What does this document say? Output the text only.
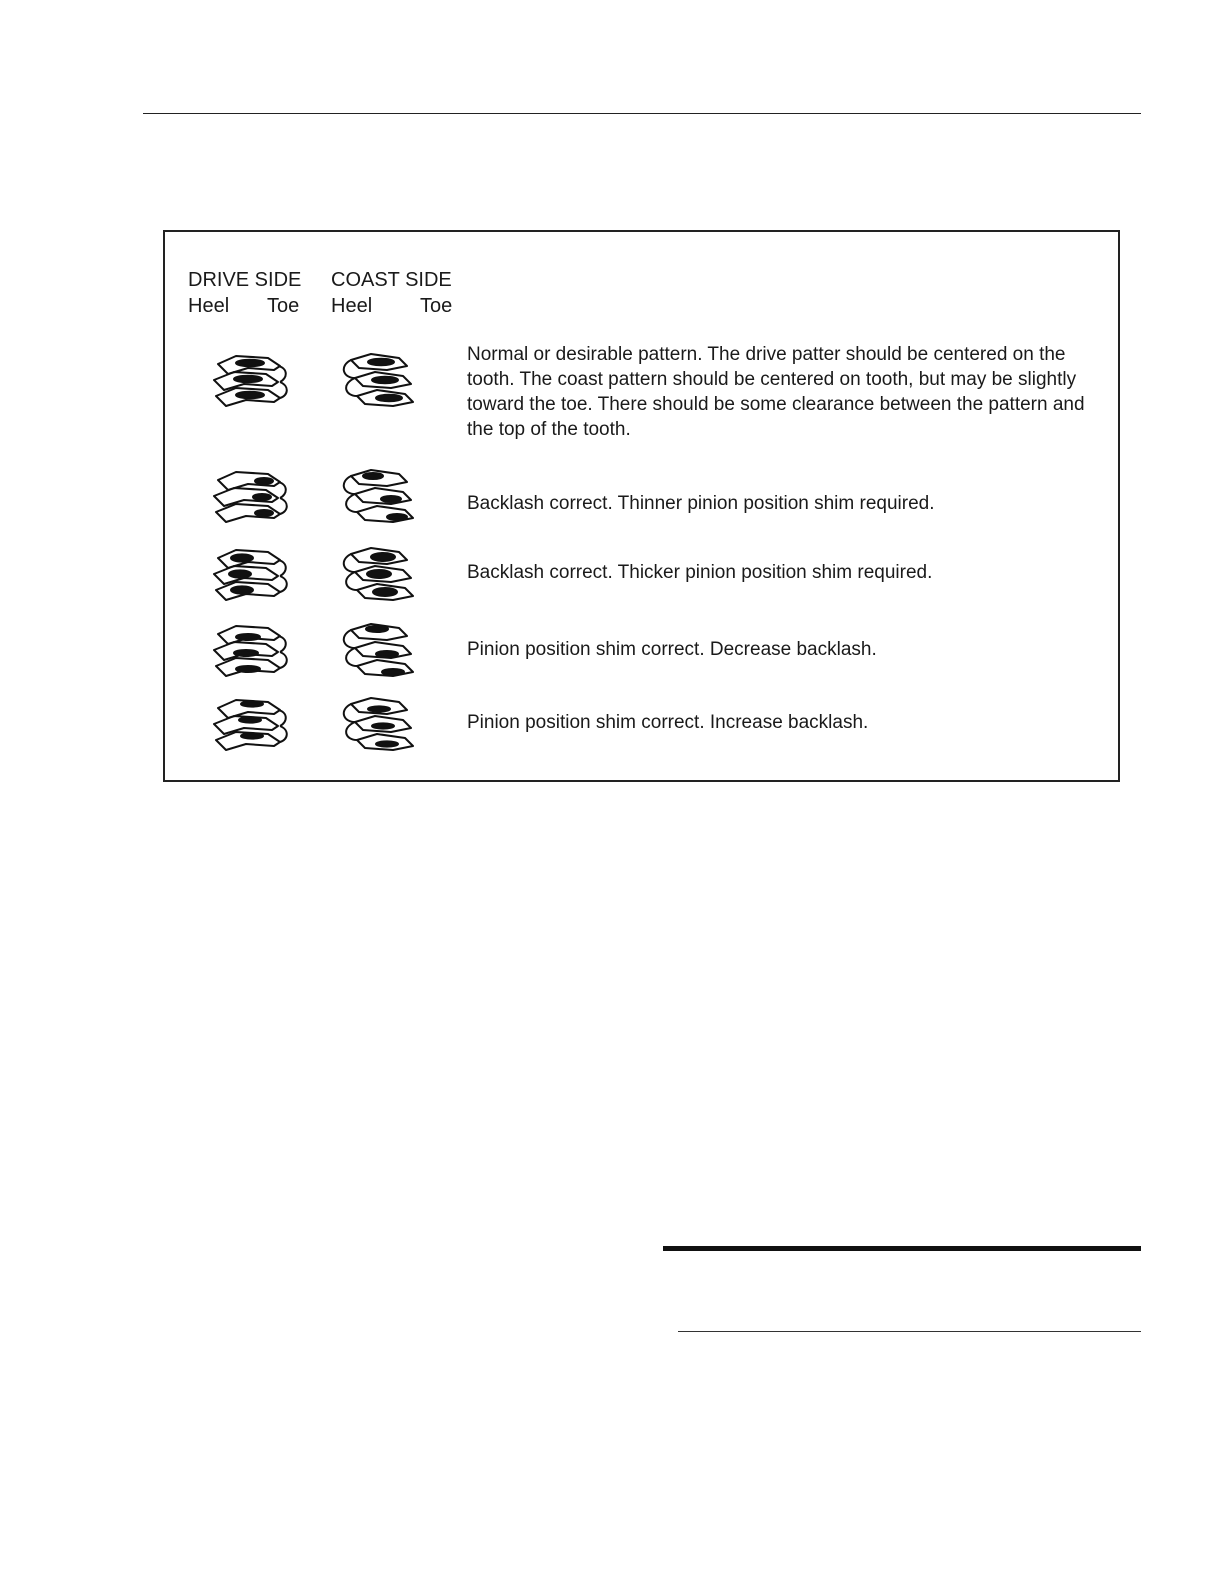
DRIVE SIDE COAST SIDE
Heel Toe Heel Toe
Normal or desirable pattern. The drive patter should be centered on the tooth. The coast pattern should be centered on tooth, but may be slightly toward the toe. There should be some clearance between the pattern and the top of the tooth.
Backlash correct. Thinner pinion position shim required.
Backlash correct. Thicker pinion position shim required.
Pinion position shim correct. Decrease backlash.
Pinion position shim correct. Increase backlash.
